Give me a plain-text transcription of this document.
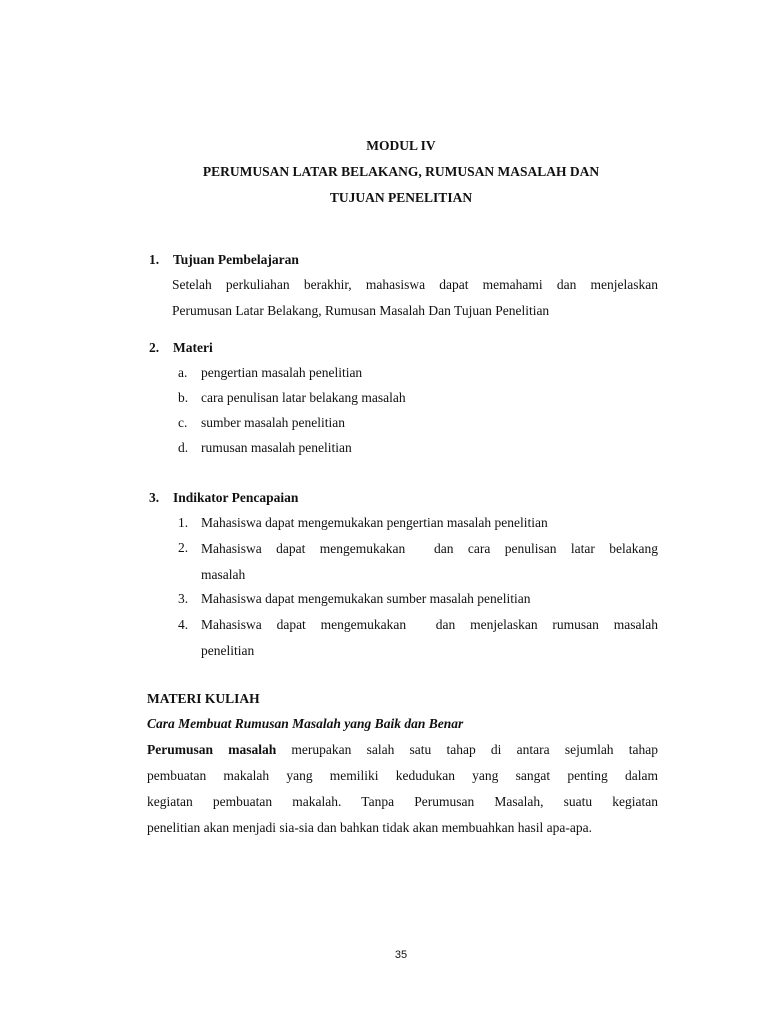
MODUL IV
PERUMUSAN LATAR BELAKANG, RUMUSAN MASALAH DAN
TUJUAN PENELITIAN
1. Tujuan Pembelajaran
Setelah perkuliahan berakhir, mahasiswa dapat memahami dan menjelaskan
Perumusan Latar Belakang, Rumusan Masalah Dan Tujuan Penelitian
2. Materi
a. pengertian masalah penelitian
b. cara penulisan latar belakang masalah
c. sumber masalah penelitian
d. rumusan masalah penelitian
3. Indikator Pencapaian
1. Mahasiswa dapat mengemukakan pengertian masalah penelitian
2. Mahasiswa dapat mengemukakan  dan cara penulisan latar belakang
masalah
3. Mahasiswa dapat mengemukakan sumber masalah penelitian
4. Mahasiswa dapat mengemukakan  dan menjelaskan rumusan masalah
penelitian
MATERI KULIAH
Cara Membuat Rumusan Masalah yang Baik dan Benar
Perumusan masalah merupakan salah satu tahap di antara sejumlah tahap
pembuatan makalah yang memiliki kedudukan yang sangat penting dalam
kegiatan pembuatan makalah. Tanpa Perumusan Masalah, suatu kegiatan
penelitian akan menjadi sia-sia dan bahkan tidak akan membuahkan hasil apa-apa.
35
